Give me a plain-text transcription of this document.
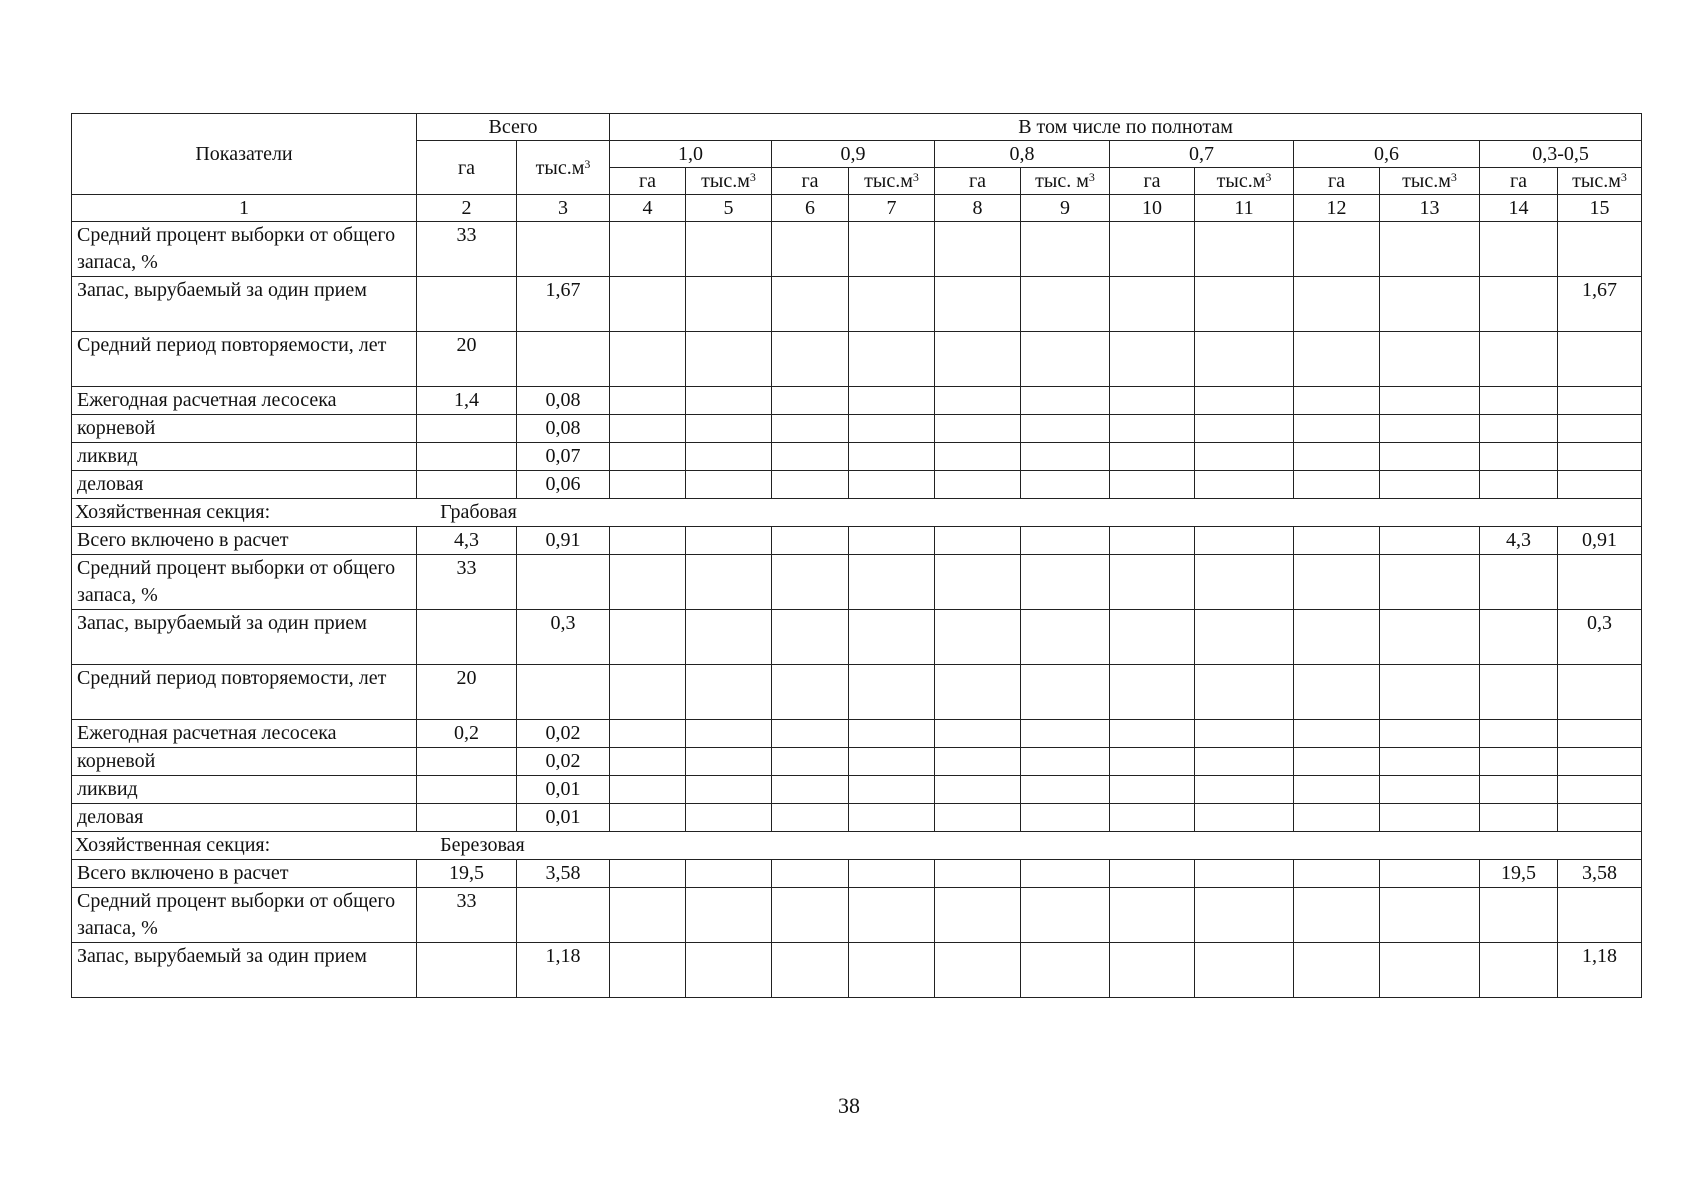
Показатели	Всего		В том числе по полнотам											
	га	$тыс.м^3$	1,0		0,9		0,8		0,7		0,6		0,3-0,5	
			га	$тыс.м^3$	га	$тыс.м^3$	га	тыс. $м^3$	га	$тыс.м^3$	га	$тыс.м^3$	га	$тыс.м^3$
1	2	3	4	5	6	7	8	9	10	11	12	13	14	15
Средний процент выборки от общего запаса, %	33													
Запас, вырубаемый за один прием		1,67												1,67
Средний период повторяемости, лет	20													
Ежегодная расчетная лесосека	1,4	0,08												
корневой		0,08												
ликвид		0,07												
деловая		0,06												
Хозяйственная секция: Грабовая														
Всего включено в расчет	4,3	0,91											4,3	0,91
Средний процент выборки от общего запаса, %	33													
Запас, вырубаемый за один прием		0,3												0,3
Средний период повторяемости, лет	20													
Ежегодная расчетная лесосека	0,2	0,02												
корневой		0,02												
ликвид		0,01												
деловая		0,01												
Хозяйственная секция: Березовая														
Всего включено в расчет	19,5	3,58											19,5	3,58
Средний процент выборки от общего запаса, %	33													
Запас, вырубаемый за один прием		1,18												1,18
38
